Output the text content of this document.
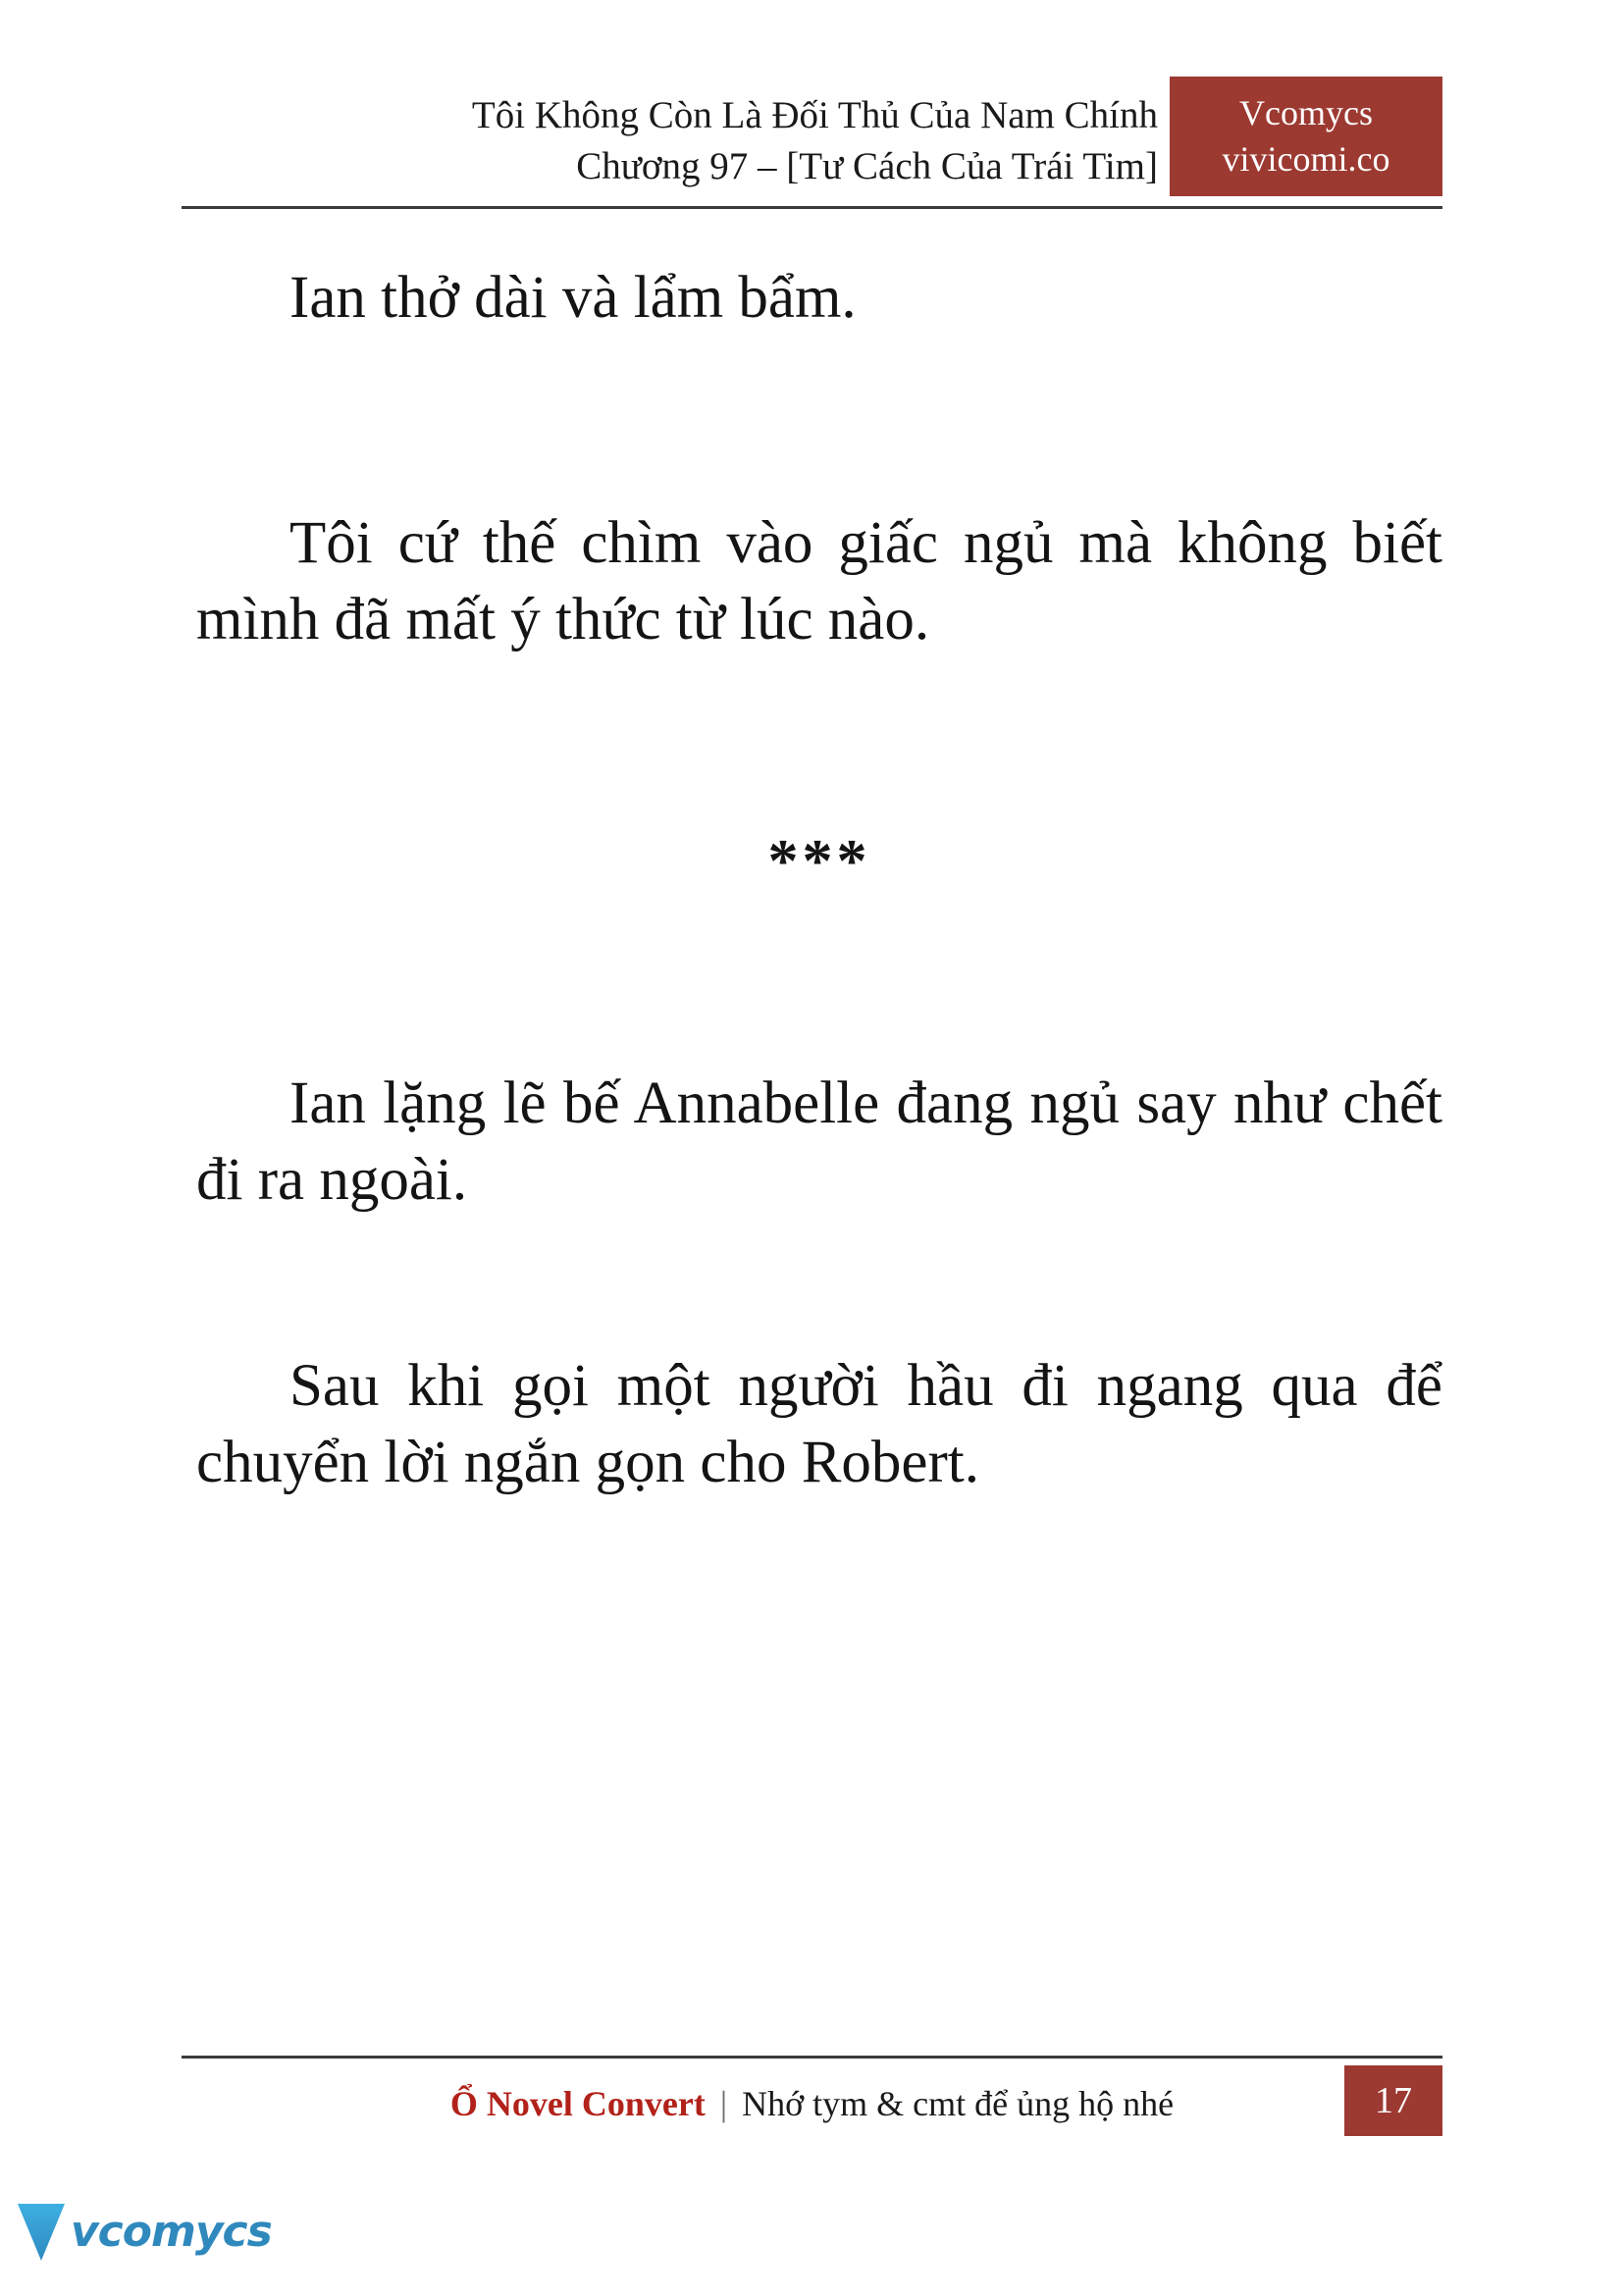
Tôi Không Còn Là Đối Thủ Của Nam Chính
Chương 97 – [Tư Cách Của Trái Tim]
Vcomycs
vivicomi.co

Ian thở dài và lẩm bẩm.

Tôi cứ thế chìm vào giấc ngủ mà không biết mình đã mất ý thức từ lúc nào.

***

Ian lặng lẽ bế Annabelle đang ngủ say như chết đi ra ngoài.

Sau khi gọi một người hầu đi ngang qua để chuyển lời ngắn gọn cho Robert.

Ổ Novel Convert | Nhớ tym & cmt để ủng hộ nhé	17
vcomycs
